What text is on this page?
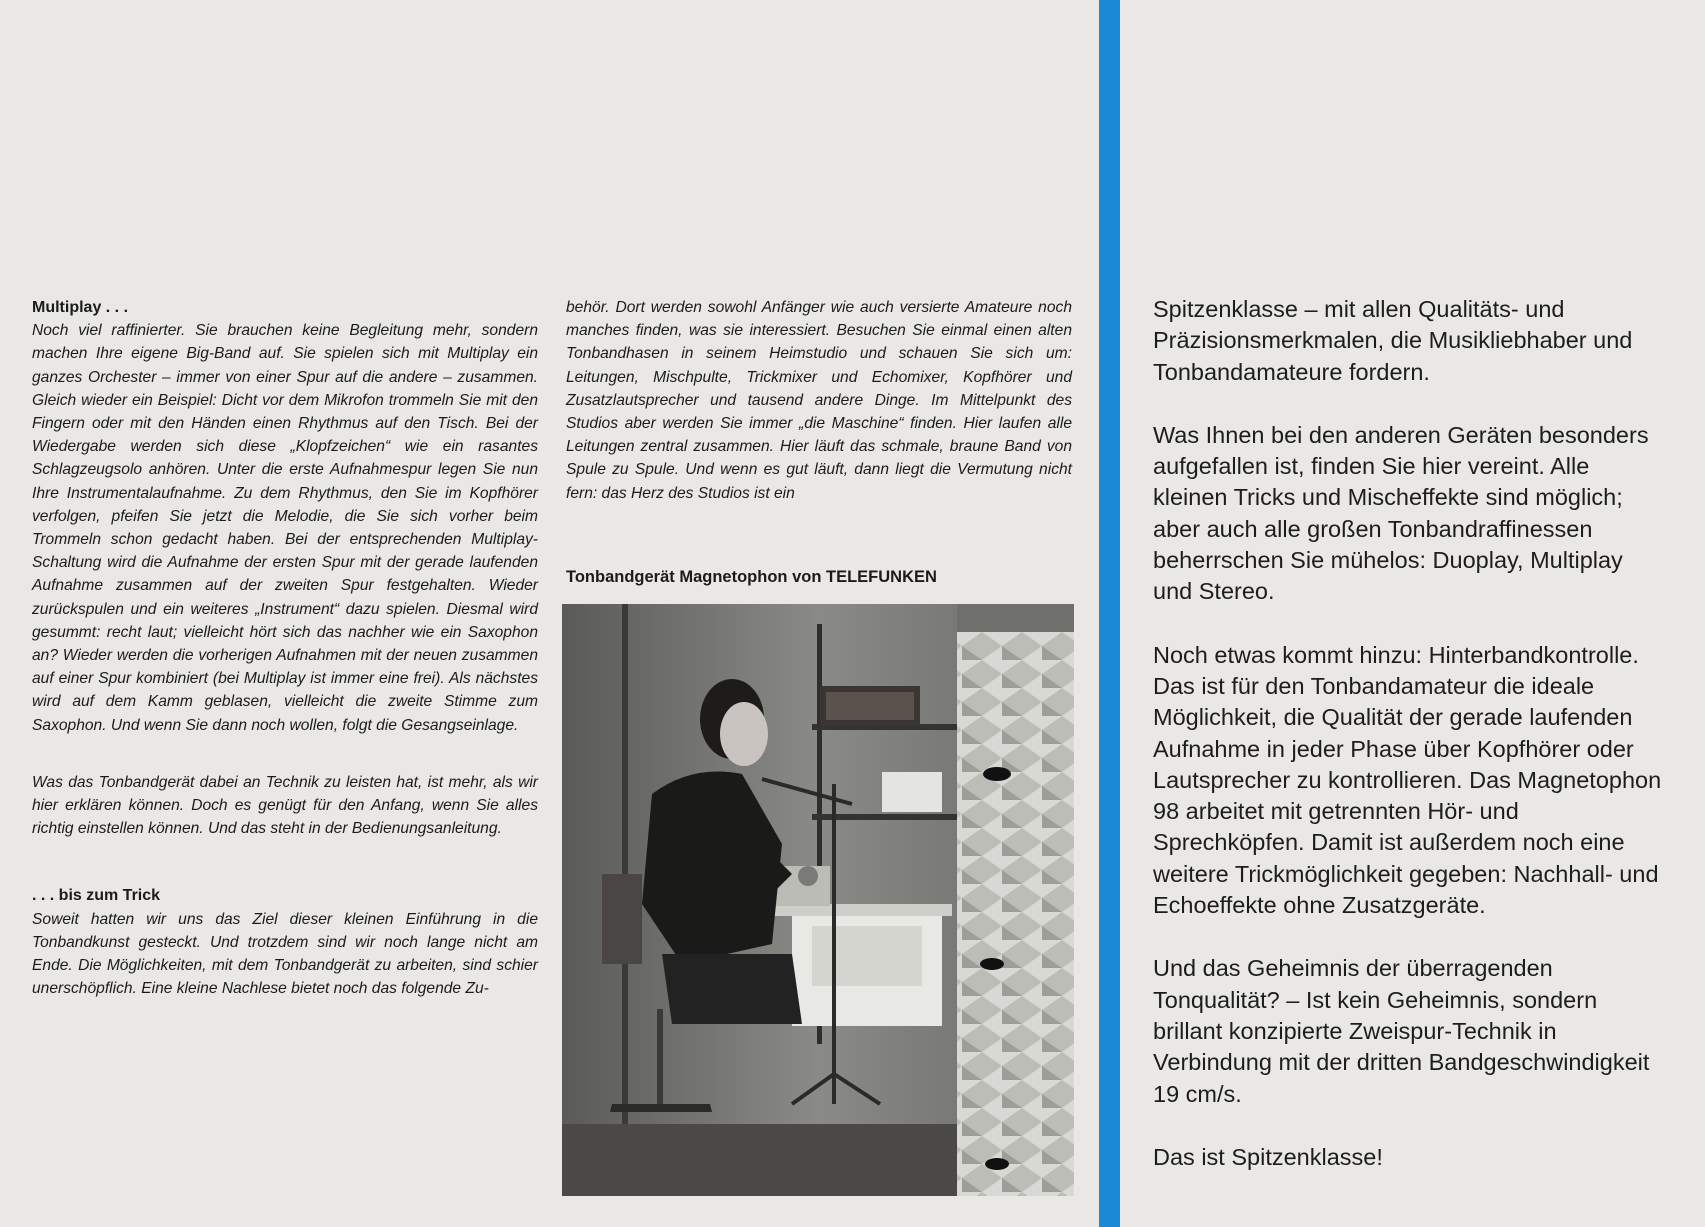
Multiplay . . .

Noch viel raffinierter. Sie brauchen keine Begleitung mehr, sondern machen Ihre eigene Big-Band auf. Sie spielen sich mit Multiplay ein ganzes Orchester – immer von einer Spur auf die andere – zusammen. Gleich wieder ein Beispiel: Dicht vor dem Mikrofon trommeln Sie mit den Fingern oder mit den Händen einen Rhythmus auf den Tisch. Bei der Wiedergabe werden sich diese „Klopfzeichen“ wie ein rasantes Schlagzeugsolo anhören. Unter die erste Aufnahmespur legen Sie nun Ihre Instrumentalaufnahme. Zu dem Rhythmus, den Sie im Kopfhörer verfolgen, pfeifen Sie jetzt die Melodie, die Sie sich vorher beim Trommeln schon gedacht haben. Bei der entsprechenden Multiplay-Schaltung wird die Aufnahme der ersten Spur mit der gerade laufenden Aufnahme zusammen auf der zweiten Spur festgehalten. Wieder zurückspulen und ein weiteres „Instrument“ dazu spielen. Diesmal wird gesummt: recht laut; vielleicht hört sich das nachher wie ein Saxophon an? Wieder werden die vorherigen Aufnahmen mit der neuen zusammen auf einer Spur kombiniert (bei Multiplay ist immer eine frei). Als nächstes wird auf dem Kamm geblasen, vielleicht die zweite Stimme zum Saxophon. Und wenn Sie dann noch wollen, folgt die Gesangseinlage.

Was das Tonbandgerät dabei an Technik zu leisten hat, ist mehr, als wir hier erklären können. Doch es genügt für den Anfang, wenn Sie alles richtig einstellen können. Und das steht in der Bedienungsanleitung.

. . . bis zum Trick

Soweit hatten wir uns das Ziel dieser kleinen Einführung in die Tonbandkunst gesteckt. Und trotzdem sind wir noch lange nicht am Ende. Die Möglichkeiten, mit dem Tonbandgerät zu arbeiten, sind schier unerschöpflich. Eine kleine Nachlese bietet noch das folgende Zu-

behör. Dort werden sowohl Anfänger wie auch versierte Amateure noch manches finden, was sie interessiert. Besuchen Sie einmal einen alten Tonbandhasen in seinem Heimstudio und schauen Sie sich um: Leitungen, Mischpulte, Trickmixer und Echomixer, Kopfhörer und Zusatzlautsprecher und tausend andere Dinge. Im Mittelpunkt des Studios aber werden Sie immer „die Maschine“ finden. Hier laufen alle Leitungen zentral zusammen. Hier läuft das schmale, braune Band von Spule zu Spule. Und wenn es gut läuft, dann liegt die Vermutung nicht fern: das Herz des Studios ist ein

Tonbandgerät Magnetophon von TELEFUNKEN

Spitzenklasse – mit allen Qualitäts- und Präzisionsmerkmalen, die Musikliebhaber und Tonbandamateure fordern.

Was Ihnen bei den anderen Geräten besonders aufgefallen ist, finden Sie hier vereint. Alle kleinen Tricks und Mischeffekte sind möglich; aber auch alle großen Tonbandraffinessen beherrschen Sie mühelos: Duoplay, Multiplay und Stereo.

Noch etwas kommt hinzu: Hinterbandkontrolle. Das ist für den Tonbandamateur die ideale Möglichkeit, die Qualität der gerade laufenden Aufnahme in jeder Phase über Kopfhörer oder Lautsprecher zu kontrollieren. Das Magnetophon 98 arbeitet mit getrennten Hör- und Sprechköpfen. Damit ist außerdem noch eine weitere Trickmöglichkeit gegeben: Nachhall- und Echoeffekte ohne Zusatzgeräte.

Und das Geheimnis der überragenden Tonqualität? – Ist kein Geheimnis, sondern brillant konzipierte Zweispur-Technik in Verbindung mit der dritten Bandgeschwindigkeit 19 cm/s.

Das ist Spitzenklasse!
